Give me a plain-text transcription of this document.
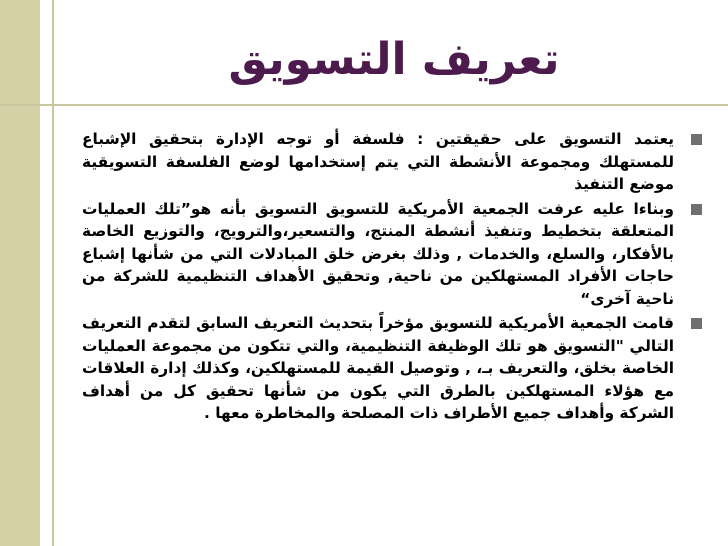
تعريف التسويق
يعتمد التسويق على حقيقتين : فلسفة أو توجه الإدارة بتحقيق الإشباع للمستهلك ومجموعة الأنشطة التي يتم إستخدامها لوضع الفلسفة التسويقية موضع التنفيذ
وبناءا عليه عرفت الجمعية الأمريكية للتسويق التسويق بأنه هو”تلك العمليات المتعلقة بتخطيط وتنفيذ أنشطة المنتج، والتسعير،والترويج، والتوزيع الخاصة بالأفكار، والسلع، والخدمات , وذلك بغرض خلق المبادلات التي من شأنها إشباع حاجات الأفراد المستهلكين من ناحية, وتحقيق الأهداف التنظيمية للشركة من ناحية آخرى“
قامت الجمعية الأمريكية للتسويق مؤخراً بتحديث التعريف السابق لتقدم التعريف التالي "التسويق هو تلك الوظيفة التنظيمية، والتي تتكون من مجموعة العمليات الخاصة بخلق، والتعريف بـ، , وتوصيل القيمة للمستهلكين، وكذلك إدارة العلاقات مع هؤلاء المستهلكين بالطرق التي يكون من شأنها تحقيق كل من أهداف الشركة وأهداف جميع الأطراف ذات المصلحة والمخاطرة معها .
